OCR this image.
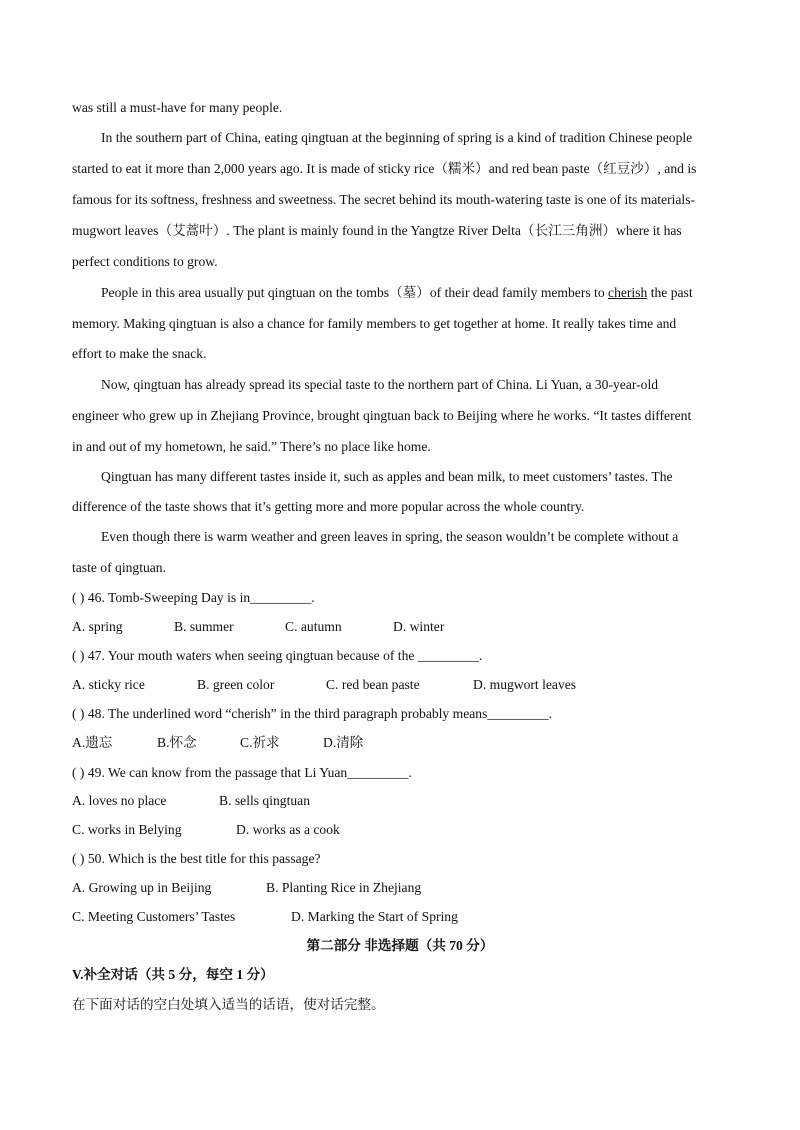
was still a must-have for many people.
In the southern part of China, eating qingtuan at the beginning of spring is a kind of tradition Chinese people
started to eat it more than 2,000 years ago. It is made of sticky rice（糯米）and red bean paste（红豆沙）, and is
famous for its softness, freshness and sweetness. The secret behind its mouth-watering taste is one of its materials-
mugwort leaves（艾蒿叶）. The plant is mainly found in the Yangtze River Delta（长江三角洲）where it has
perfect conditions to grow.
People in this area usually put qingtuan on the tombs（墓）of their dead family members to cherish the past
memory. Making qingtuan is also a chance for family members to get together at home. It really takes time and
effort to make the snack.
Now, qingtuan has already spread its special taste to the northern part of China. Li Yuan, a 30-year-old
engineer who grew up in Zhejiang Province, brought qingtuan back to Beijing where he works. “It tastes different
in and out of my hometown, he said.” There’s no place like home.
Qingtuan has many different tastes inside it, such as apples and bean milk, to meet customers’ tastes. The
difference of the taste shows that it’s getting more and more popular across the whole country.
Even though there is warm weather and green leaves in spring, the season wouldn’t be complete without a
taste of qingtuan.
( ) 46. Tomb-Sweeping Day is in_________.
A. spring	B. summer	C. autumn	D. winter
( ) 47. Your mouth waters when seeing qingtuan because of the _________.
A. sticky rice	B. green color	C. red bean paste	D. mugwort leaves
( ) 48. The underlined word “cherish” in the third paragraph probably means_________.
A.遗忘	B.怀念	C.祈求	D.清除
( ) 49. We can know from the passage that Li Yuan_________.
A. loves no place	B. sells qingtuan
C. works in Belying	D. works as a cook
( ) 50. Which is the best title for this passage?
A. Growing up in Beijing	B. Planting Rice in Zhejiang
C. Meeting Customers’ Tastes	D. Marking the Start of Spring
第二部分 非选择题（共 70 分）
V.补全对话（共 5 分，每空 1 分）
在下面对话的空白处填入适当的话语，使对话完整。
